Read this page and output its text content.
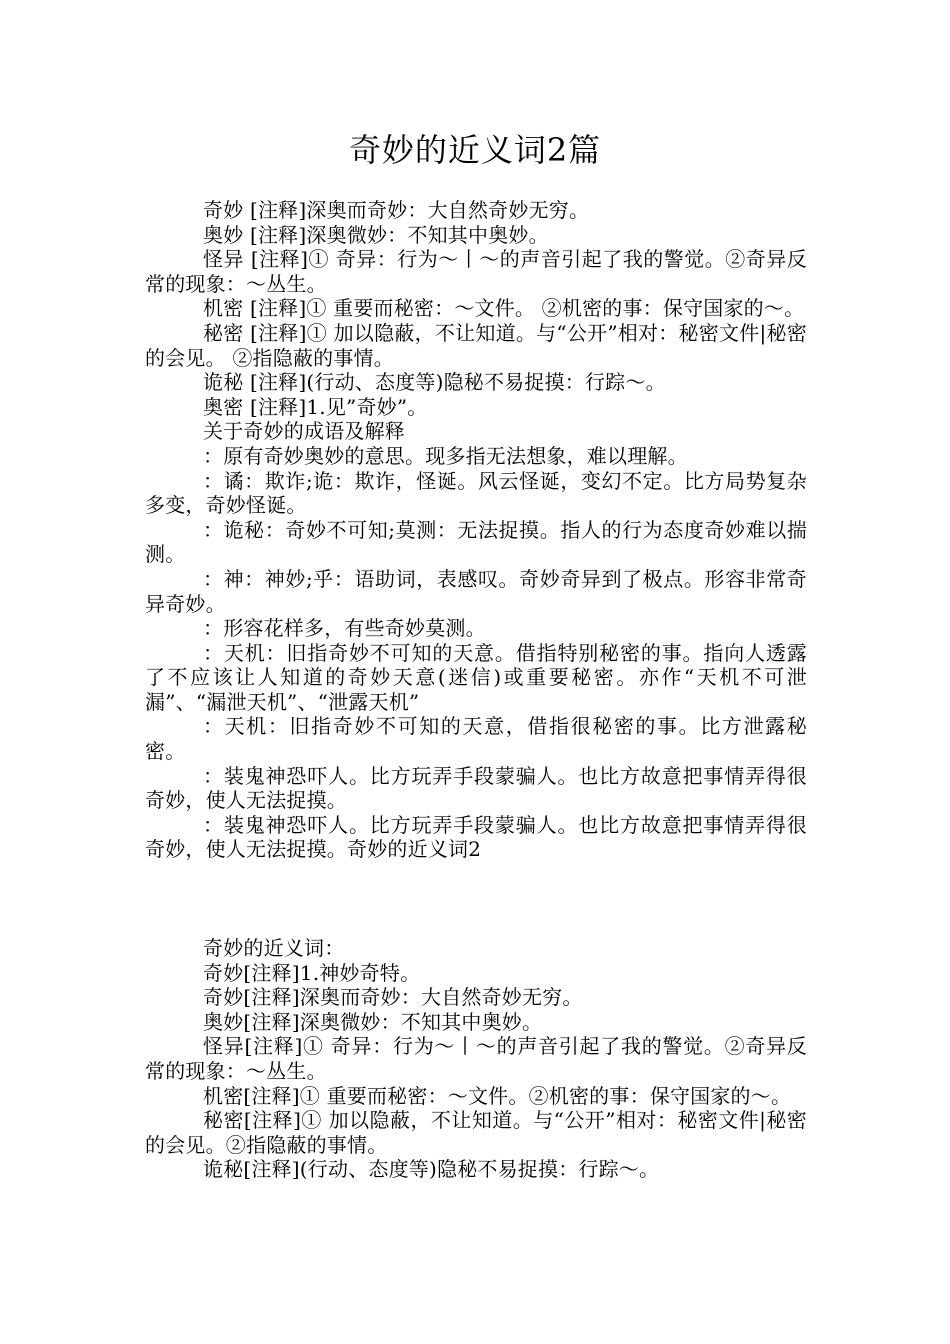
奇妙的近义词2篇

奇妙 [注释]深奥而奇妙：大自然奇妙无穷。

奥妙 [注释]深奥微妙：不知其中奥妙。

怪异 [注释]① 奇异：行为～丨～的声音引起了我的警觉。②奇异反常的现象：～丛生。

机密 [注释]① 重要而秘密：～文件。 ②机密的事：保守国家的～。

秘密 [注释]① 加以隐蔽，不让知道。与“公开”相对：秘密文件|秘密的会见。 ②指隐蔽的事情。

诡秘 [注释](行动、态度等)隐秘不易捉摸：行踪～。

奥密 [注释]1.见”奇妙”。

关于奇妙的成语及解释

：原有奇妙奥妙的意思。现多指无法想象，难以理解。

：谲：欺诈;诡：欺诈，怪诞。风云怪诞，变幻不定。比方局势复杂多变，奇妙怪诞。

：诡秘：奇妙不可知;莫测：无法捉摸。指人的行为态度奇妙难以揣测。

：神：神妙;乎：语助词，表感叹。奇妙奇异到了极点。形容非常奇异奇妙。

：形容花样多，有些奇妙莫测。

：天机：旧指奇妙不可知的天意。借指特别秘密的事。指向人透露了不应该让人知道的奇妙天意(迷信)或重要秘密。亦作“天机不可泄漏”、“漏泄天机”、“泄露天机”

：天机：旧指奇妙不可知的天意，借指很秘密的事。比方泄露秘密。

：装鬼神恐吓人。比方玩弄手段蒙骗人。也比方故意把事情弄得很奇妙，使人无法捉摸。

：装鬼神恐吓人。比方玩弄手段蒙骗人。也比方故意把事情弄得很奇妙，使人无法捉摸。奇妙的近义词2

奇妙的近义词：

奇妙[注释]1.神妙奇特。

奇妙[注释]深奥而奇妙：大自然奇妙无穷。

奥妙[注释]深奥微妙：不知其中奥妙。

怪异[注释]① 奇异：行为～丨～的声音引起了我的警觉。②奇异反常的现象：～丛生。

机密[注释]① 重要而秘密：～文件。②机密的事：保守国家的～。

秘密[注释]① 加以隐蔽，不让知道。与“公开”相对：秘密文件|秘密的会见。②指隐蔽的事情。

诡秘[注释](行动、态度等)隐秘不易捉摸：行踪～。
